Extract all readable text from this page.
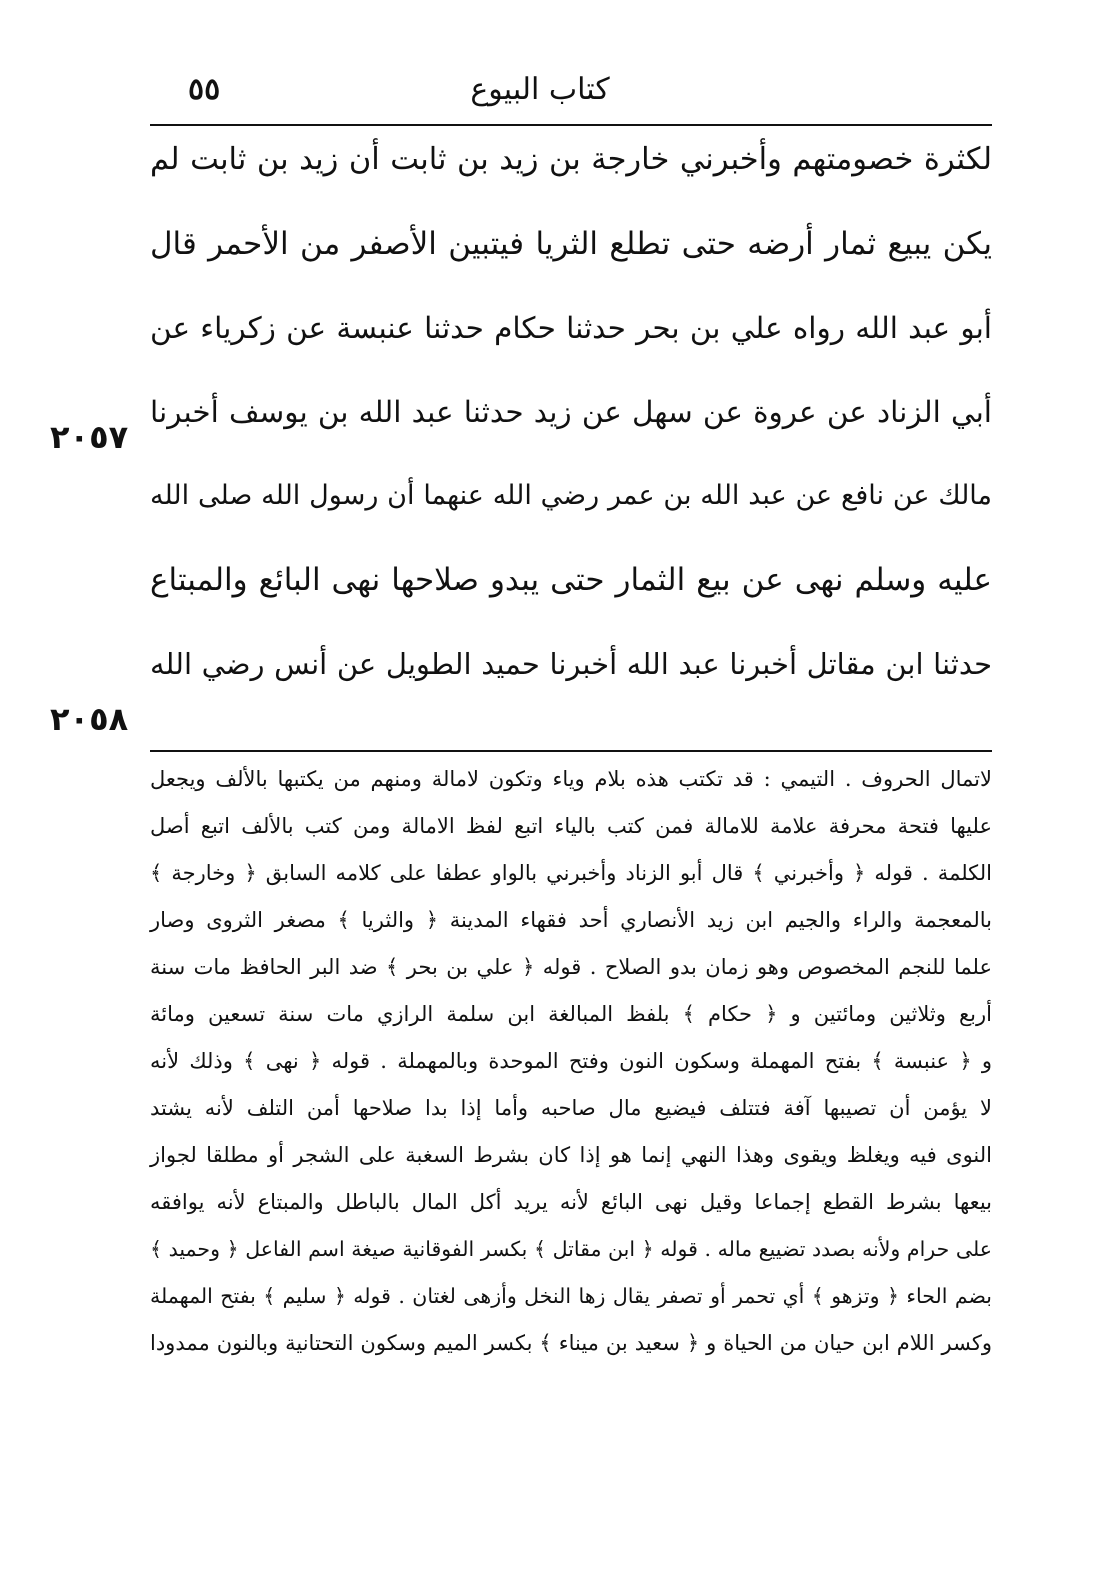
٥٥	كتاب البيوع
لكثرة خصومتهم وأخبرني خارجة بن زيد بن ثابت أن زيد بن ثابت لم
يكن يبيع ثمار أرضه حتى تطلع الثريا فيتبين الأصفر من الأحمر قال
أبو عبد الله رواه علي بن بحر حدثنا حكام حدثنا عنبسة عن زكرياء عن
أبي الزناد عن عروة عن سهل عن زيد حدثنا عبد الله بن يوسف أخبرنا
مالك عن نافع عن عبد الله بن عمر رضي الله عنهما أن رسول الله صلى الله
عليه وسلم نهى عن بيع الثمار حتى يبدو صلاحها نهى البائع والمبتاع
حدثنا ابن مقاتل أخبرنا عبد الله أخبرنا حميد الطويل عن أنس رضي الله
٢٠٥٧
٢٠٥٨
لاتمال الحروف . التيمي : قد تكتب هذه بلام وياء وتكون لامالة ومنهم من يكتبها بالألف ويجعل
عليها فتحة محرفة علامة للامالة فمن كتب بالياء اتبع لفظ الامالة ومن كتب بالألف اتبع أصل
الكلمة . قوله ﴿ وأخبرني ﴾ قال أبو الزناد وأخبرني بالواو عطفا على كلامه السابق ﴿ وخارجة ﴾
بالمعجمة والراء والجيم ابن زيد الأنصاري أحد فقهاء المدينة ﴿ والثريا ﴾ مصغر الثروى وصار
علما للنجم المخصوص وهو زمان بدو الصلاح . قوله ﴿ علي بن بحر ﴾ ضد البر الحافظ مات سنة
أربع وثلاثين ومائتين و ﴿ حكام ﴾ بلفظ المبالغة ابن سلمة الرازي مات سنة تسعين ومائة
و ﴿ عنبسة ﴾ بفتح المهملة وسكون النون وفتح الموحدة وبالمهملة . قوله ﴿ نهى ﴾ وذلك لأنه
لا يؤمن أن تصيبها آفة فتتلف فيضيع مال صاحبه وأما إذا بدا صلاحها أمن التلف لأنه يشتد
النوى فيه ويغلظ ويقوى وهذا النهي إنما هو إذا كان بشرط السغبة على الشجر أو مطلقا لجواز
بيعها بشرط القطع إجماعا وقيل نهى البائع لأنه يريد أكل المال بالباطل والمبتاع لأنه يوافقه
على حرام ولأنه بصدد تضييع ماله . قوله ﴿ ابن مقاتل ﴾ بكسر الفوقانية صيغة اسم الفاعل ﴿ وحميد ﴾
بضم الحاء ﴿ وتزهو ﴾ أي تحمر أو تصفر يقال زها النخل وأزهى لغتان . قوله ﴿ سليم ﴾ بفتح المهملة
وكسر اللام ابن حيان من الحياة و ﴿ سعيد بن ميناء ﴾ بكسر الميم وسكون التحتانية وبالنون ممدودا
